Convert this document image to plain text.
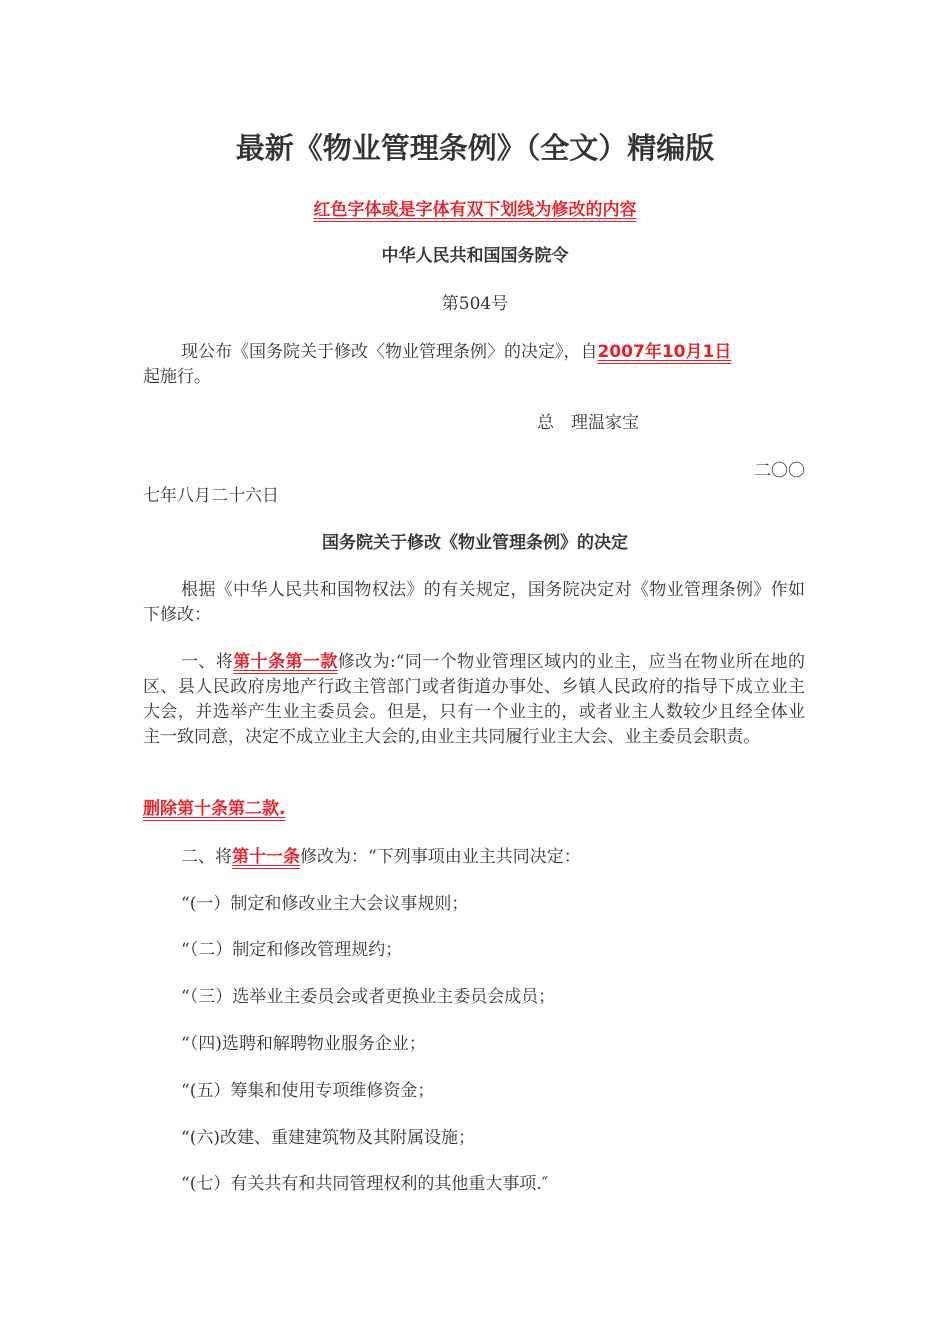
最新《物业管理条例》（全文）精编版
红色字体或是字体有双下划线为修改的内容
中华人民共和国国务院令
第504号

现公布《国务院关于修改〈物业管理条例〉的决定》，自2007年10月1日
起施行。

总　理温家宝
二〇〇
七年八月二十六日
国务院关于修改《物业管理条例》的决定

根据《中华人民共和国物权法》的有关规定，国务院决定对《物业管理条例》作如下修改：

一、将第十条第一款修改为:“同一个物业管理区域内的业主，应当在物业所在地的区、县人民政府房地产行政主管部门或者街道办事处、乡镇人民政府的指导下成立业主大会，并选举产生业主委员会。但是，只有一个业主的，或者业主人数较少且经全体业主一致同意，决定不成立业主大会的,由业主共同履行业主大会、业主委员会职责。

删除第十条第二款.

二、将第十一条修改为：“下列事项由业主共同决定：

“(一）制定和修改业主大会议事规则；
“（二）制定和修改管理规约；
“（三）选举业主委员会或者更换业主委员会成员；
“（四)选聘和解聘物业服务企业；
“(五）筹集和使用专项维修资金；
“(六)改建、重建建筑物及其附属设施；
“(七）有关共有和共同管理权利的其他重大事项.″
